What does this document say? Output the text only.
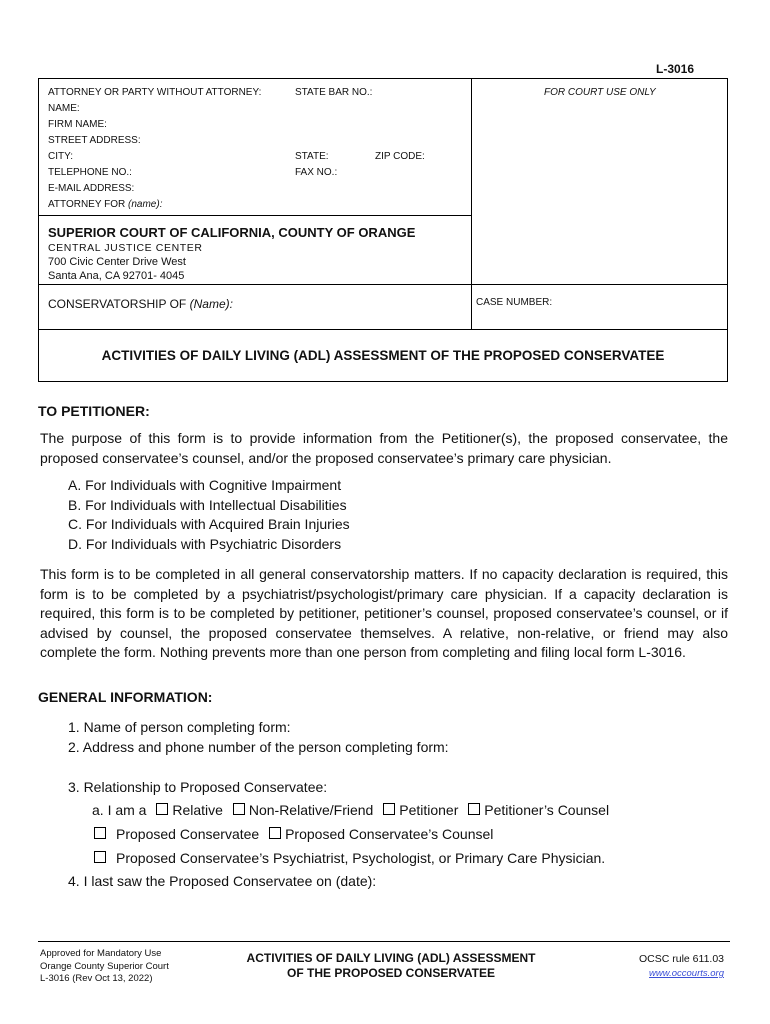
L-3016
ATTORNEY OR PARTY WITHOUT ATTORNEY:	STATE BAR NO.:	FOR COURT USE ONLY
NAME:
FIRM NAME:
STREET ADDRESS:
CITY:	STATE:	ZIP CODE:
TELEPHONE NO.:	FAX NO.:
E-MAIL ADDRESS:
ATTORNEY FOR (name):
SUPERIOR COURT OF CALIFORNIA, COUNTY OF ORANGE
CENTRAL JUSTICE CENTER
700 Civic Center Drive West
Santa Ana, CA 92701- 4045
CONSERVATORSHIP OF (Name):	CASE NUMBER:
ACTIVITIES OF DAILY LIVING (ADL) ASSESSMENT OF THE PROPOSED CONSERVATEE
TO PETITIONER:
The purpose of this form is to provide information from the Petitioner(s), the proposed conservatee, the proposed conservatee’s counsel, and/or the proposed conservatee’s primary care physician.
A. For Individuals with Cognitive Impairment
B. For Individuals with Intellectual Disabilities
C. For Individuals with Acquired Brain Injuries
D. For Individuals with Psychiatric Disorders
This form is to be completed in all general conservatorship matters. If no capacity declaration is required, this form is to be completed by a psychiatrist/psychologist/primary care physician. If a capacity declaration is required, this form is to be completed by petitioner, petitioner’s counsel, proposed conservatee’s counsel, or if advised by counsel, the proposed conservatee themselves. A relative, non-relative, or friend may also complete the form. Nothing prevents more than one person from completing and filing local form L-3016.
GENERAL INFORMATION:
1. Name of person completing form:
2. Address and phone number of the person completing form:
3. Relationship to Proposed Conservatee:
a. I am a Relative Non-Relative/Friend Petitioner Petitioner’s Counsel
Proposed Conservatee Proposed Conservatee’s Counsel
Proposed Conservatee’s Psychiatrist, Psychologist, or Primary Care Physician.
4. I last saw the Proposed Conservatee on (date):
Approved for Mandatory Use
Orange County Superior Court
L-3016 (Rev Oct 13, 2022)
ACTIVITIES OF DAILY LIVING (ADL) ASSESSMENT
OF THE PROPOSED CONSERVATEE
OCSC rule 611.03
www.occourts.org
